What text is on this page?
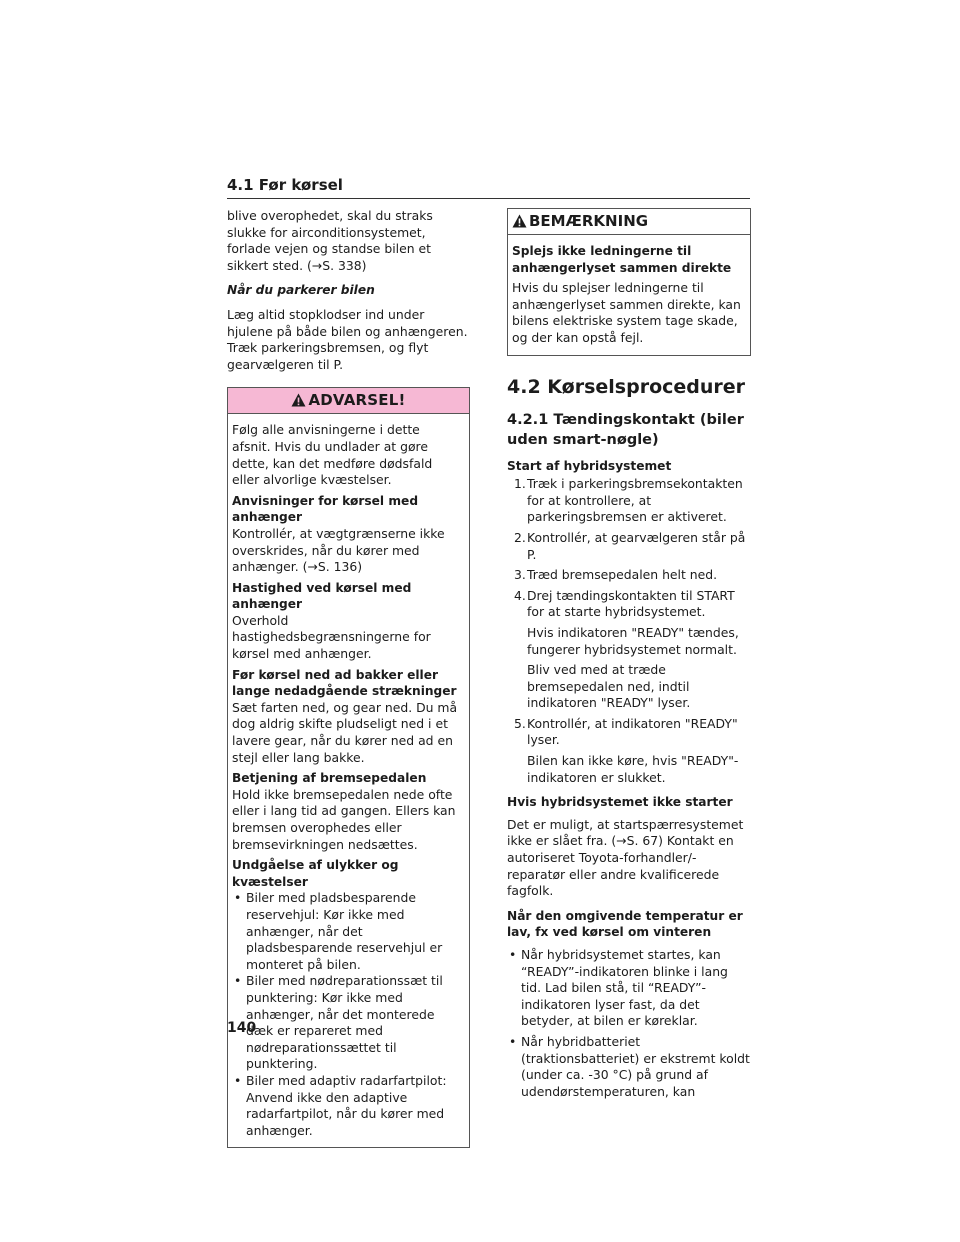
4.1 Før kørsel

blive overophedet, skal du straks slukke for airconditionsystemet, forlade vejen og standse bilen et sikkert sted. (→S. 338)

Når du parkerer bilen

Læg altid stopklodser ind under hjulene på både bilen og anhængeren. Træk parkeringsbremsen, og flyt gearvælgeren til P.

ADVARSEL!

Følg alle anvisningerne i dette afsnit. Hvis du undlader at gøre dette, kan det medføre dødsfald eller alvorlige kvæstelser.

Anvisninger for kørsel med anhænger

Kontrollér, at vægtgrænserne ikke overskrides, når du kører med anhænger. (→S. 136)

Hastighed ved kørsel med anhænger

Overhold hastighedsbegrænsningerne for kørsel med anhænger.

Før kørsel ned ad bakker eller lange nedadgående strækninger

Sæt farten ned, og gear ned. Du må dog aldrig skifte pludseligt ned i et lavere gear, når du kører ned ad en stejl eller lang bakke.

Betjening af bremsepedalen

Hold ikke bremsepedalen nede ofte eller i lang tid ad gangen. Ellers kan bremsen overophedes eller bremsevirkningen nedsættes.

Undgåelse af ulykker og kvæstelser

• Biler med pladsbesparende reservehjul: Kør ikke med anhænger, når det pladsbesparende reservehjul er monteret på bilen.
• Biler med nødreparationssæt til punktering: Kør ikke med anhænger, når det monterede dæk er repareret med nødreparationssættet til punktering.
• Biler med adaptiv radarfartpilot: Anvend ikke den adaptive radarfartpilot, når du kører med anhænger.
BEMÆRKNING

Splejs ikke ledningerne til anhængerlyset sammen direkte

Hvis du splejser ledningerne til anhængerlyset sammen direkte, kan bilens elektriske system tage skade, og der kan opstå fejl.

4.2 Kørselsprocedurer

4.2.1 Tændingskontakt (biler uden smart-nøgle)

Start af hybridsystemet

1. Træk i parkeringsbremsekontakten for at kontrollere, at parkeringsbremsen er aktiveret.
2. Kontrollér, at gearvælgeren står på P.
3. Træd bremsepedalen helt ned.
4. Drej tændingskontakten til START for at starte hybridsystemet.
Hvis indikatoren "READY" tændes, fungerer hybridsystemet normalt.
Bliv ved med at træde bremsepedalen ned, indtil indikatoren "READY" lyser.
5. Kontrollér, at indikatoren "READY" lyser.
Bilen kan ikke køre, hvis "READY"-indikatoren er slukket.

Hvis hybridsystemet ikke starter

Det er muligt, at startspærresystemet ikke er slået fra. (→S. 67) Kontakt en autoriseret Toyota-forhandler/-reparatør eller andre kvalificerede fagfolk.

Når den omgivende temperatur er lav, fx ved kørsel om vinteren

• Når hybridsystemet startes, kan “READY”-indikatoren blinke i lang tid. Lad bilen stå, til “READY”-indikatoren lyser fast, da det betyder, at bilen er køreklar.
• Når hybridbatteriet (traktionsbatteriet) er ekstremt koldt (under ca. -30 °C) på grund af udendørstemperaturen, kan
140
